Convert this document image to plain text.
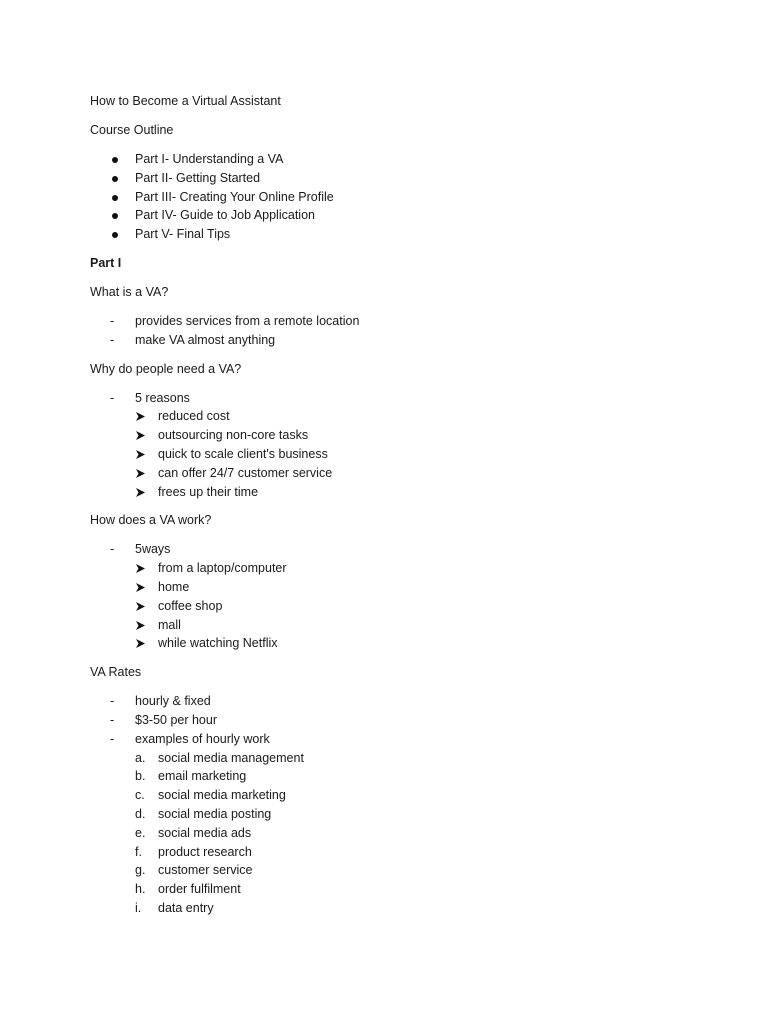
How to Become a Virtual Assistant
Course Outline
Part I- Understanding a VA
Part II- Getting Started
Part III- Creating Your Online Profile
Part IV- Guide to Job Application
Part V- Final Tips
Part I
What is a VA?
- provides services from a remote location
- make VA almost anything
Why do people need a VA?
- 5 reasons
reduced cost
outsourcing non-core tasks
quick to scale client's business
can offer 24/7 customer service
frees up their time
How does a VA work?
- 5ways
from a laptop/computer
home
coffee shop
mall
while watching Netflix
VA Rates
- hourly & fixed
- $3-50 per hour
- examples of hourly work
a. social media management
b. email marketing
c. social media marketing
d. social media posting
e. social media ads
f. product research
g. customer service
h. order fulfilment
i. data entry
